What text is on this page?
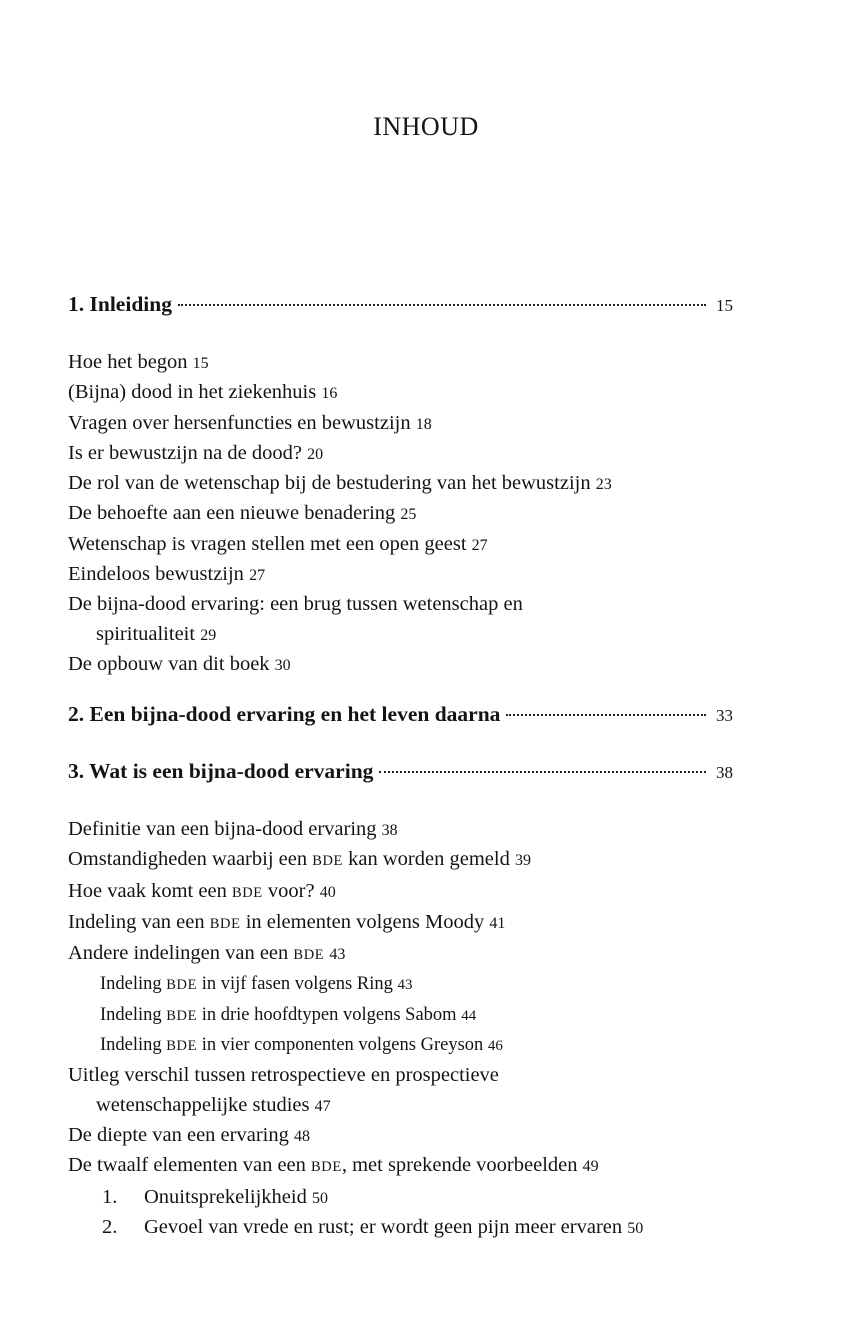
INHOUD
1. Inleiding	15
Hoe het begon 15
(Bijna) dood in het ziekenhuis 16
Vragen over hersenfuncties en bewustzijn 18
Is er bewustzijn na de dood? 20
De rol van de wetenschap bij de bestudering van het bewustzijn 23
De behoefte aan een nieuwe benadering 25
Wetenschap is vragen stellen met een open geest 27
Eindeloos bewustzijn 27
De bijna-dood ervaring: een brug tussen wetenschap en
spiritualiteit 29
De opbouw van dit boek 30
2. Een bijna-dood ervaring en het leven daarna	33
3. Wat is een bijna-dood ervaring	38
Definitie van een bijna-dood ervaring 38
Omstandigheden waarbij een BDE kan worden gemeld 39
Hoe vaak komt een BDE voor? 40
Indeling van een BDE in elementen volgens Moody 41
Andere indelingen van een BDE 43
Indeling BDE in vijf fasen volgens Ring 43
Indeling BDE in drie hoofdtypen volgens Sabom 44
Indeling BDE in vier componenten volgens Greyson 46
Uitleg verschil tussen retrospectieve en prospectieve
wetenschappelijke studies 47
De diepte van een ervaring 48
De twaalf elementen van een BDE, met sprekende voorbeelden 49
1. Onuitsprekelijkheid 50
2. Gevoel van vrede en rust; er wordt geen pijn meer ervaren 50
